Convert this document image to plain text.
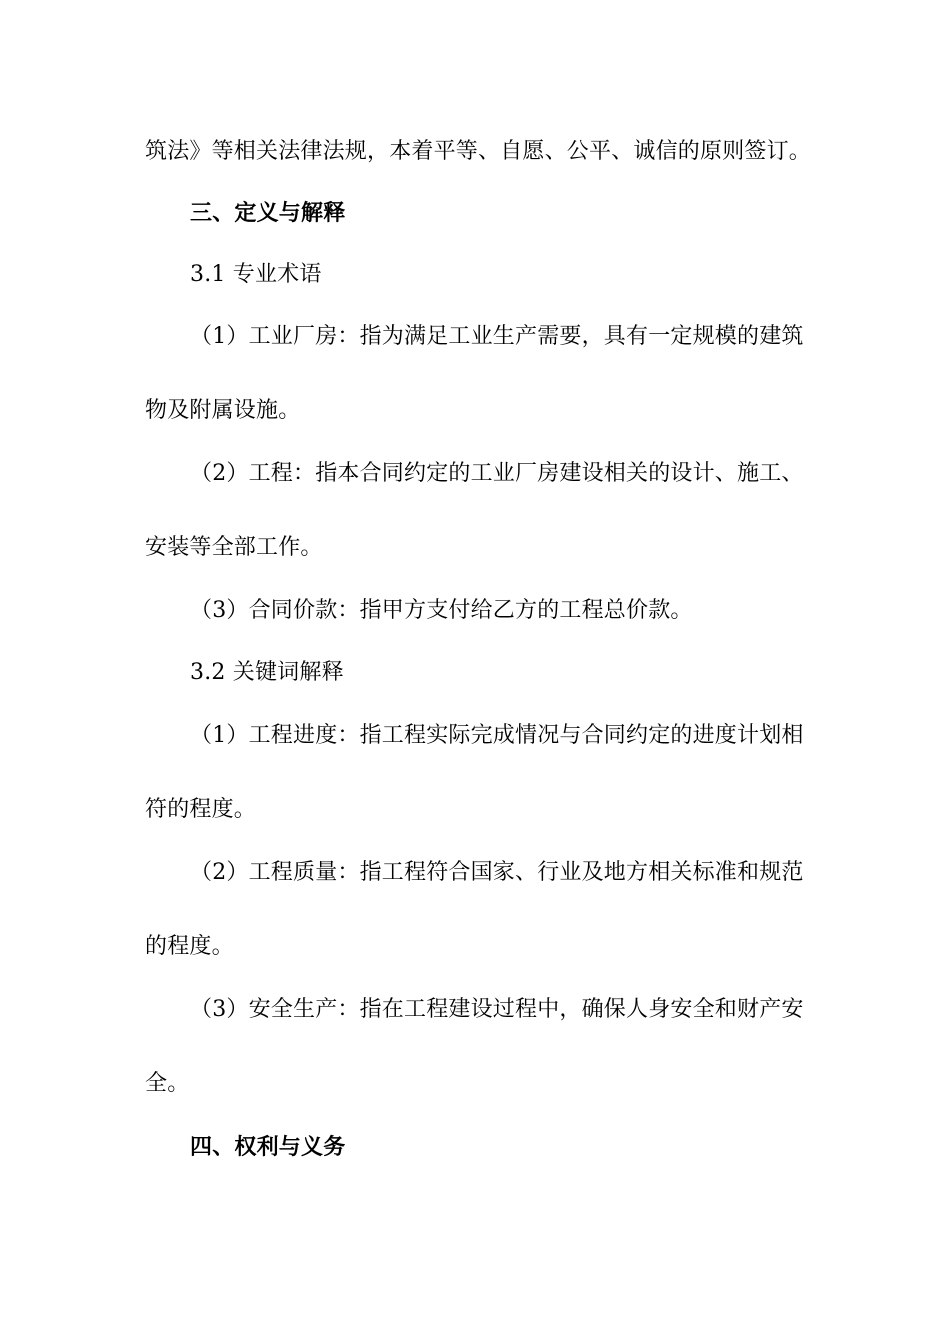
筑法》等相关法律法规，本着平等、自愿、公平、诚信的原则签订。
三、定义与解释
3.1 专业术语
（1）工业厂房：指为满足工业生产需要，具有一定规模的建筑
物及附属设施。
（2）工程：指本合同约定的工业厂房建设相关的设计、施工、
安装等全部工作。
（3）合同价款：指甲方支付给乙方的工程总价款。
3.2 关键词解释
（1）工程进度：指工程实际完成情况与合同约定的进度计划相
符的程度。
（2）工程质量：指工程符合国家、行业及地方相关标准和规范
的程度。
（3）安全生产：指在工程建设过程中，确保人身安全和财产安
全。
四、权利与义务
